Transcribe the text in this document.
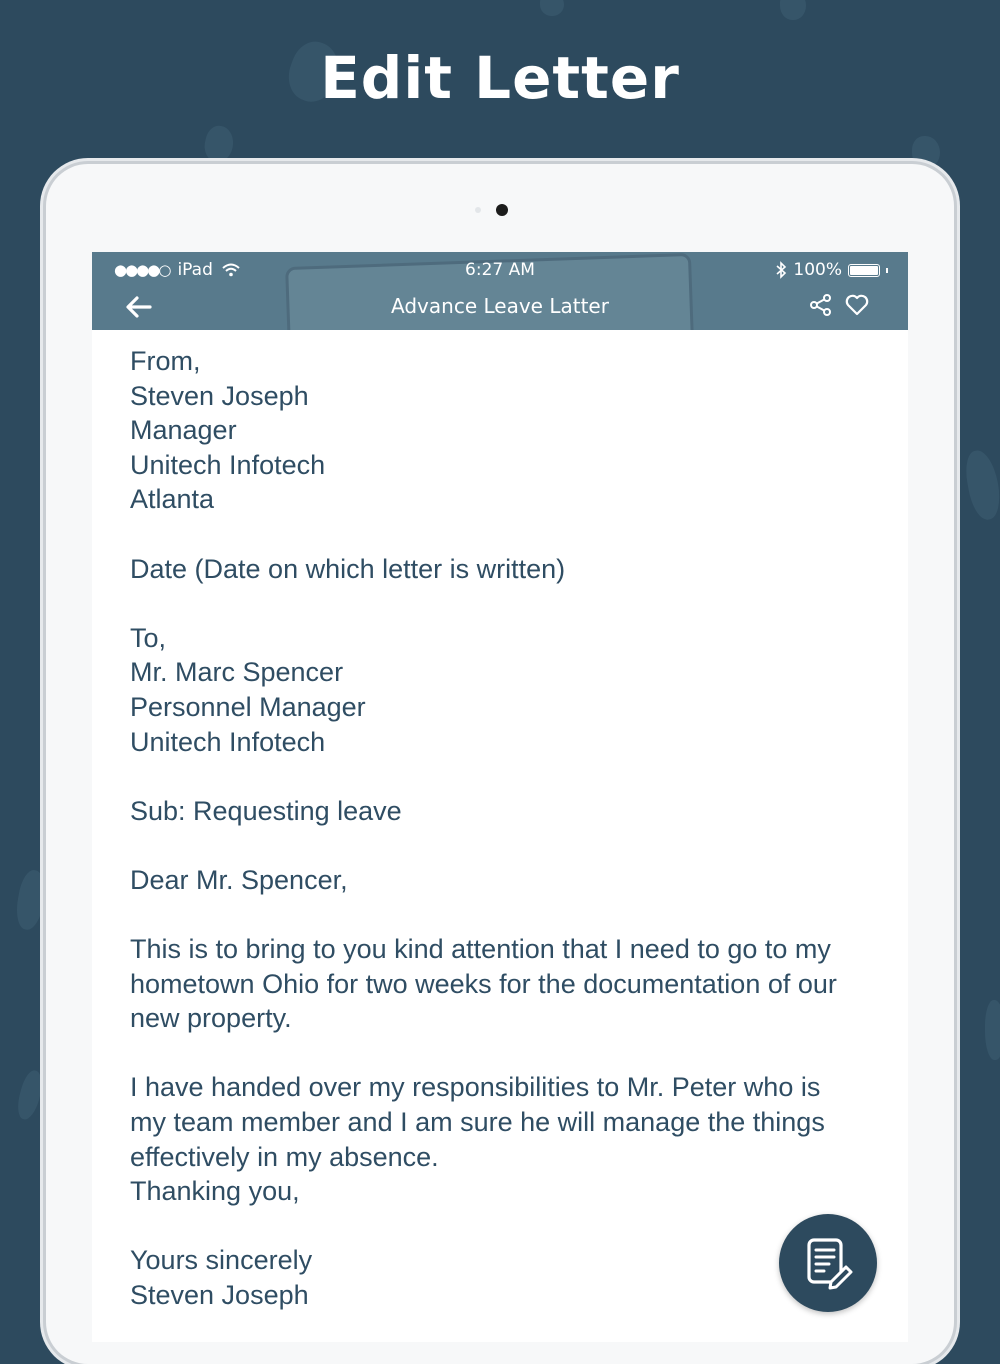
Edit Letter
●●●●○ iPad	6:27 AM	100%
Advance Leave Latter

From,

Steven Joseph

Manager

Unitech Infotech

Atlanta

Date (Date on which letter is written)

To,

Mr. Marc Spencer

Personnel Manager

Unitech Infotech

Sub: Requesting leave

Dear Mr. Spencer,

This is to bring to you kind attention that I need to go to my

hometown Ohio for two weeks for the documentation of our

new property.

I have handed over my responsibilities to Mr. Peter who is

my team member and I am sure he will manage the things

effectively in my absence.

Thanking you,

Yours sincerely

Steven Joseph
